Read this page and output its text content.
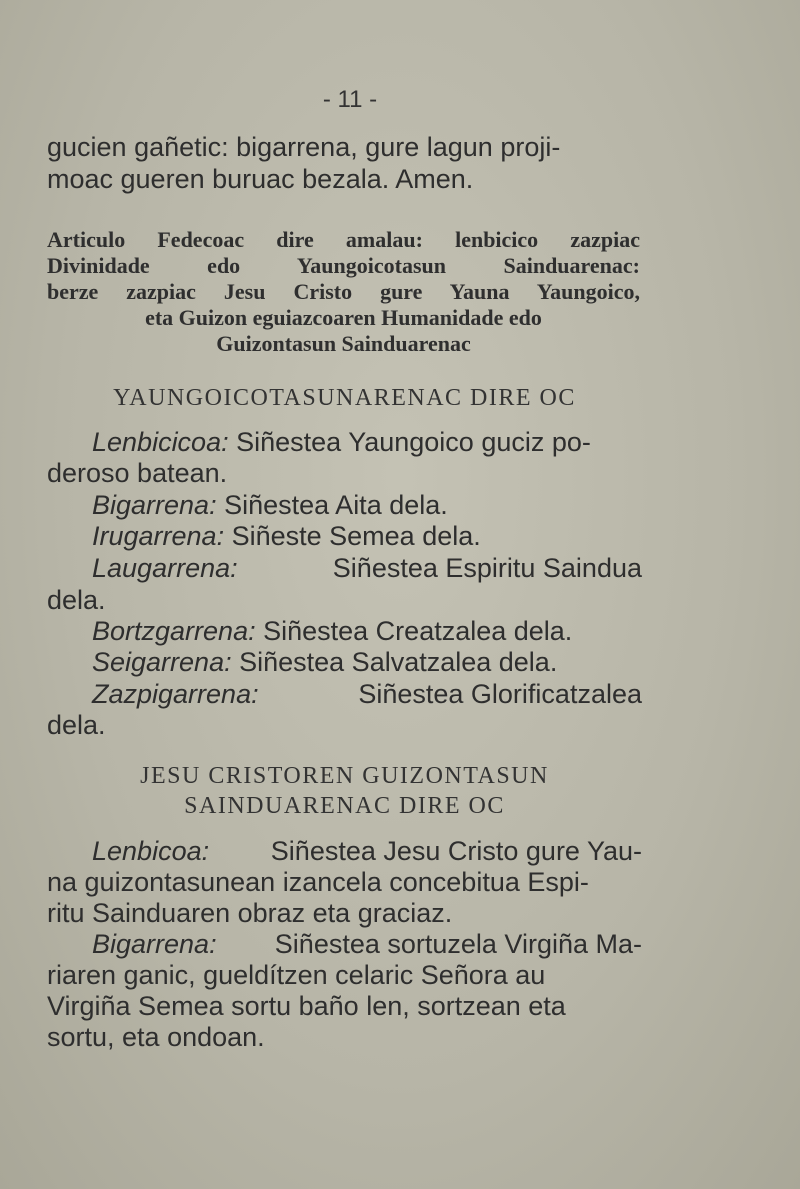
- 11 -
gucien gañetic: bigarrena, gure lagun proji-
moac gueren buruac bezala. Amen.
Articulo Fedecoac dire amalau: lenbicico zazpiac
Divinidade edo Yaungoicotasun Sainduarenac:
berze zazpiac Jesu Cristo gure Yauna Yaungoico,
eta Guizon eguiazcoaren Humanidade edo
Guizontasun Sainduarenac
YAUNGOICOTASUNARENAC DIRE OC
Lenbicicoa: Siñestea Yaungoico guciz po-
deroso batean.
Bigarrena: Siñestea Aita dela.
Irugarrena: Siñeste Semea dela.
Laugarrena:	Siñestea Espiritu Saindua
dela.
Bortzgarrena: Siñestea Creatzalea dela.
Seigarrena: Siñestea Salvatzalea dela.
Zazpigarrena:	Siñestea Glorificatzalea
dela.
JESU CRISTOREN GUIZONTASUN
SAINDUARENAC DIRE OC
Lenbicoa: Siñestea Jesu Cristo gure Yau-
na guizontasunean izancela concebitua Espi-
ritu Sainduaren obraz eta graciaz.
Bigarrena: Siñestea sortuzela Virgiña Ma-
riaren ganic, gueldítzen celaric Señora au
Virgiña Semea sortu baño len, sortzean eta
sortu, eta ondoan.
